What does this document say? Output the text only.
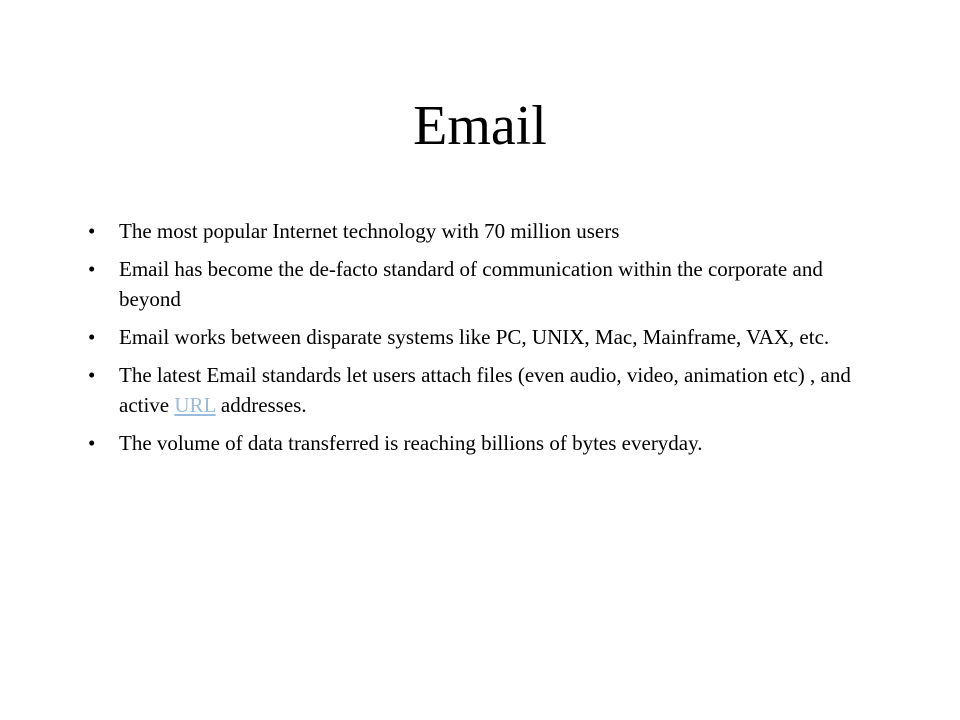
Email
•	The most popular Internet technology with 70 million users
•	Email has become the de-facto standard of communication within the corporate and beyond
•	Email works between disparate systems like PC, UNIX, Mac, Mainframe, VAX, etc.
•	The latest Email standards let users attach files (even audio, video, animation etc) , and active URL addresses.
•	The volume of data transferred is reaching billions of bytes everyday.
